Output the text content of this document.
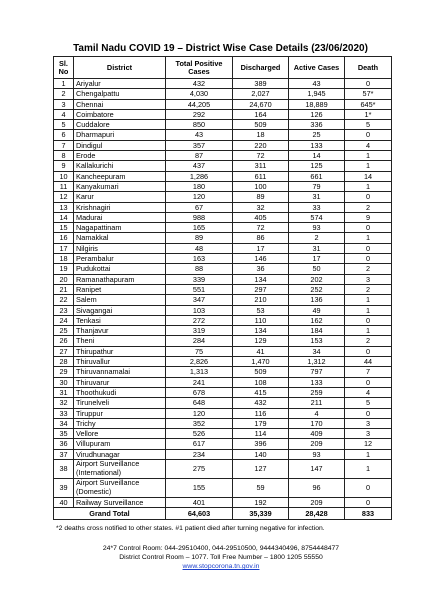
Tamil Nadu COVID 19 – District Wise Case Details (23/06/2020)
Sl. No	District	Total Positive Cases	Discharged	Active Cases	Death
1	Ariyalur	432	389	43	0
2	Chengalpattu	4,030	2,027	1,945	57*
3	Chennai	44,205	24,670	18,889	645*
4	Coimbatore	292	164	126	1*
5	Cuddalore	850	509	336	5
6	Dharmapuri	43	18	25	0
7	Dindigul	357	220	133	4
8	Erode	87	72	14	1
9	Kallakurichi	437	311	125	1
10	Kancheepuram	1,286	611	661	14
11	Kanyakumari	180	100	79	1
12	Karur	120	89	31	0
13	Krishnagiri	67	32	33	2
14	Madurai	988	405	574	9
15	Nagapattinam	165	72	93	0
16	Namakkal	89	86	2	1
17	Nilgiris	48	17	31	0
18	Perambalur	163	146	17	0
19	Pudukottai	88	36	50	2
20	Ramanathapuram	339	134	202	3
21	Ranipet	551	297	252	2
22	Salem	347	210	136	1
23	Sivagangai	103	53	49	1
24	Tenkasi	272	110	162	0
25	Thanjavur	319	134	184	1
26	Theni	284	129	153	2
27	Thirupathur	75	41	34	0
28	Thiruvallur	2,826	1,470	1,312	44
29	Thiruvannamalai	1,313	509	797	7
30	Thiruvarur	241	108	133	0
31	Thoothukudi	678	415	259	4
32	Tirunelveli	648	432	211	5
33	Tiruppur	120	116	4	0
34	Trichy	352	179	170	3
35	Vellore	526	114	409	3
36	Villupuram	617	396	209	12
37	Virudhunagar	234	140	93	1
38	Airport Surveillance (International)	275	127	147	1
39	Airport Surveillance (Domestic)	155	59	96	0
40	Railway Surveillance	401	192	209	0
Grand Total		64,603	35,339	28,428	833
*2 deaths cross notified to other states. #1 patient died after turning negative for infection.
24*7 Control Room: 044-29510400, 044-29510500, 9444340496, 8754448477
District Control Room – 1077. Toll Free Number – 1800 1205 55550
www.stopcorona.tn.gov.in
